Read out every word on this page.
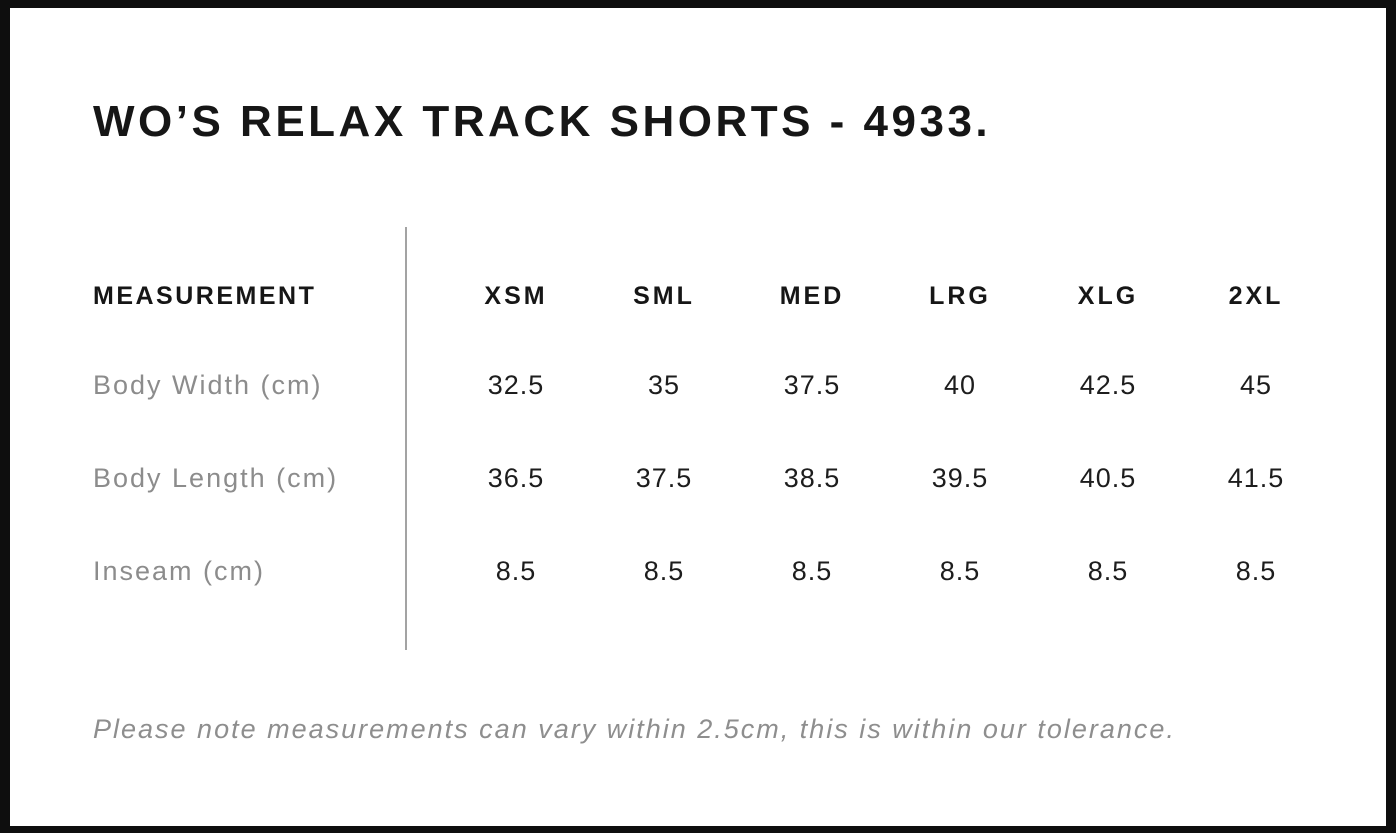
WO’S RELAX TRACK SHORTS - 4933.
MEASUREMENT	XSM	SML	MED	LRG	XLG	2XL
Body Width (cm)	32.5	35	37.5	40	42.5	45
Body Length (cm)	36.5	37.5	38.5	39.5	40.5	41.5
Inseam (cm)	8.5	8.5	8.5	8.5	8.5	8.5

Please note measurements can vary within 2.5cm, this is within our tolerance.
